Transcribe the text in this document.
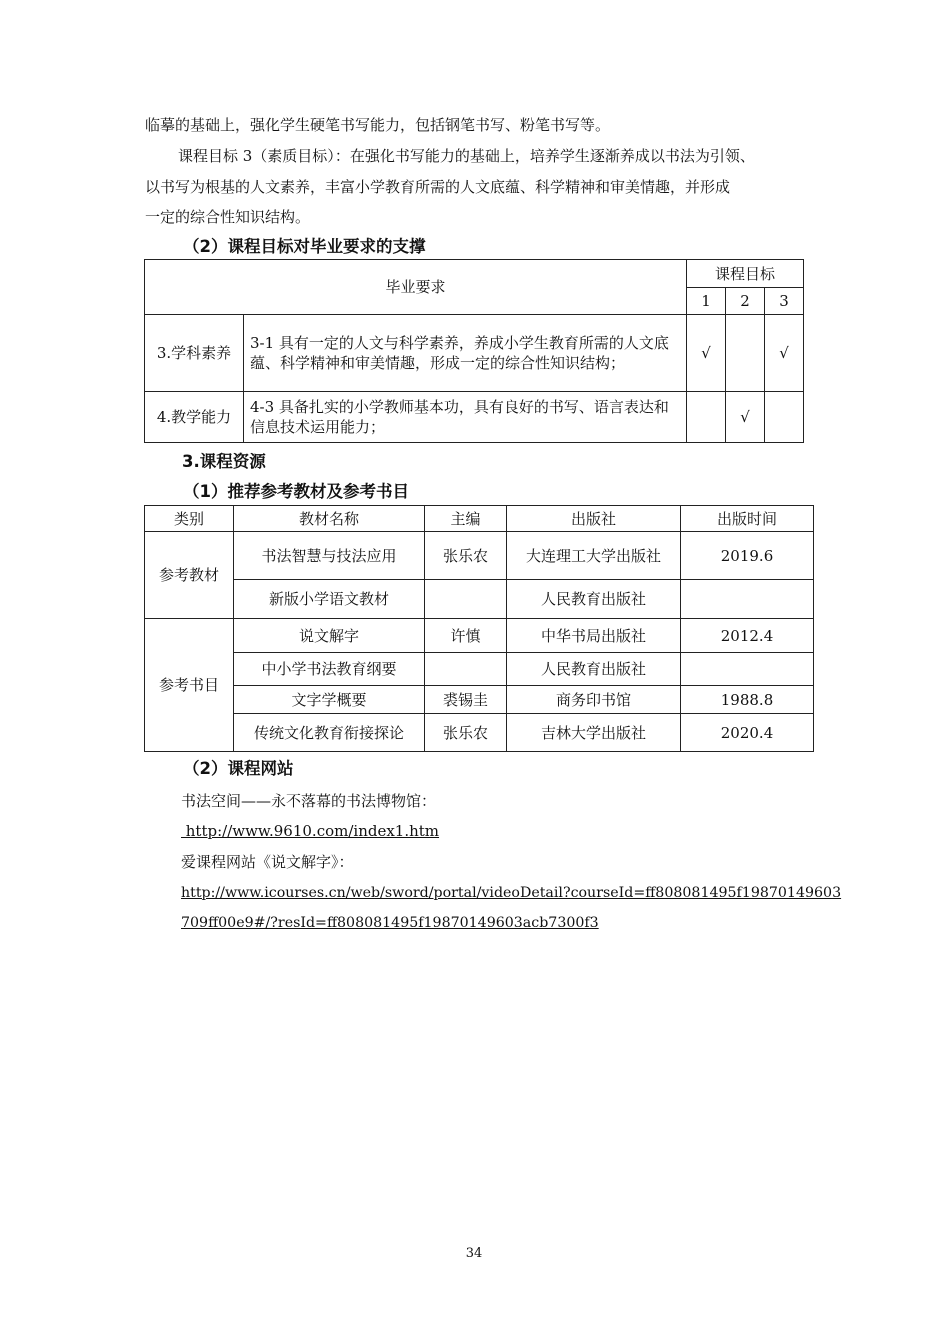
临摹的基础上，强化学生硬笔书写能力，包括钢笔书写、粉笔书写等。
课程目标 3（素质目标）：在强化书写能力的基础上，培养学生逐渐养成以书法为引领、
以书写为根基的人文素养，丰富小学教育所需的人文底蕴、科学精神和审美情趣，并形成
一定的综合性知识结构。
（2）课程目标对毕业要求的支撑
毕业要求		课程目标		
		1	2	3
3.学科素养	3-1 具有一定的人文与科学素养，养成小学生教育所需的人文底蕴、科学精神和审美情趣，形成一定的综合性知识结构；	√		√
4.教学能力	4-3 具备扎实的小学教师基本功，具有良好的书写、语言表达和信息技术运用能力；		√	
3.课程资源
（1）推荐参考教材及参考书目
类别	教材名称	主编	出版社	出版时间
参考教材	书法智慧与技法应用	张乐农	大连理工大学出版社	2019.6
	新版小学语文教材		人民教育出版社	
参考书目	说文解字	许慎	中华书局出版社	2012.4
	中小学书法教育纲要		人民教育出版社	
	文字学概要	裘锡圭	商务印书馆	1988.8
	传统文化教育衔接探论	张乐农	吉林大学出版社	2020.4
（2）课程网站
书法空间——永不落幕的书法博物馆：
http://www.9610.com/index1.htm
爱课程网站《说文解字》：
http://www.icourses.cn/web/sword/portal/videoDetail?courseId=ff808081495f19870149603
709ff00e9#/?resId=ff808081495f19870149603acb7300f3
34
